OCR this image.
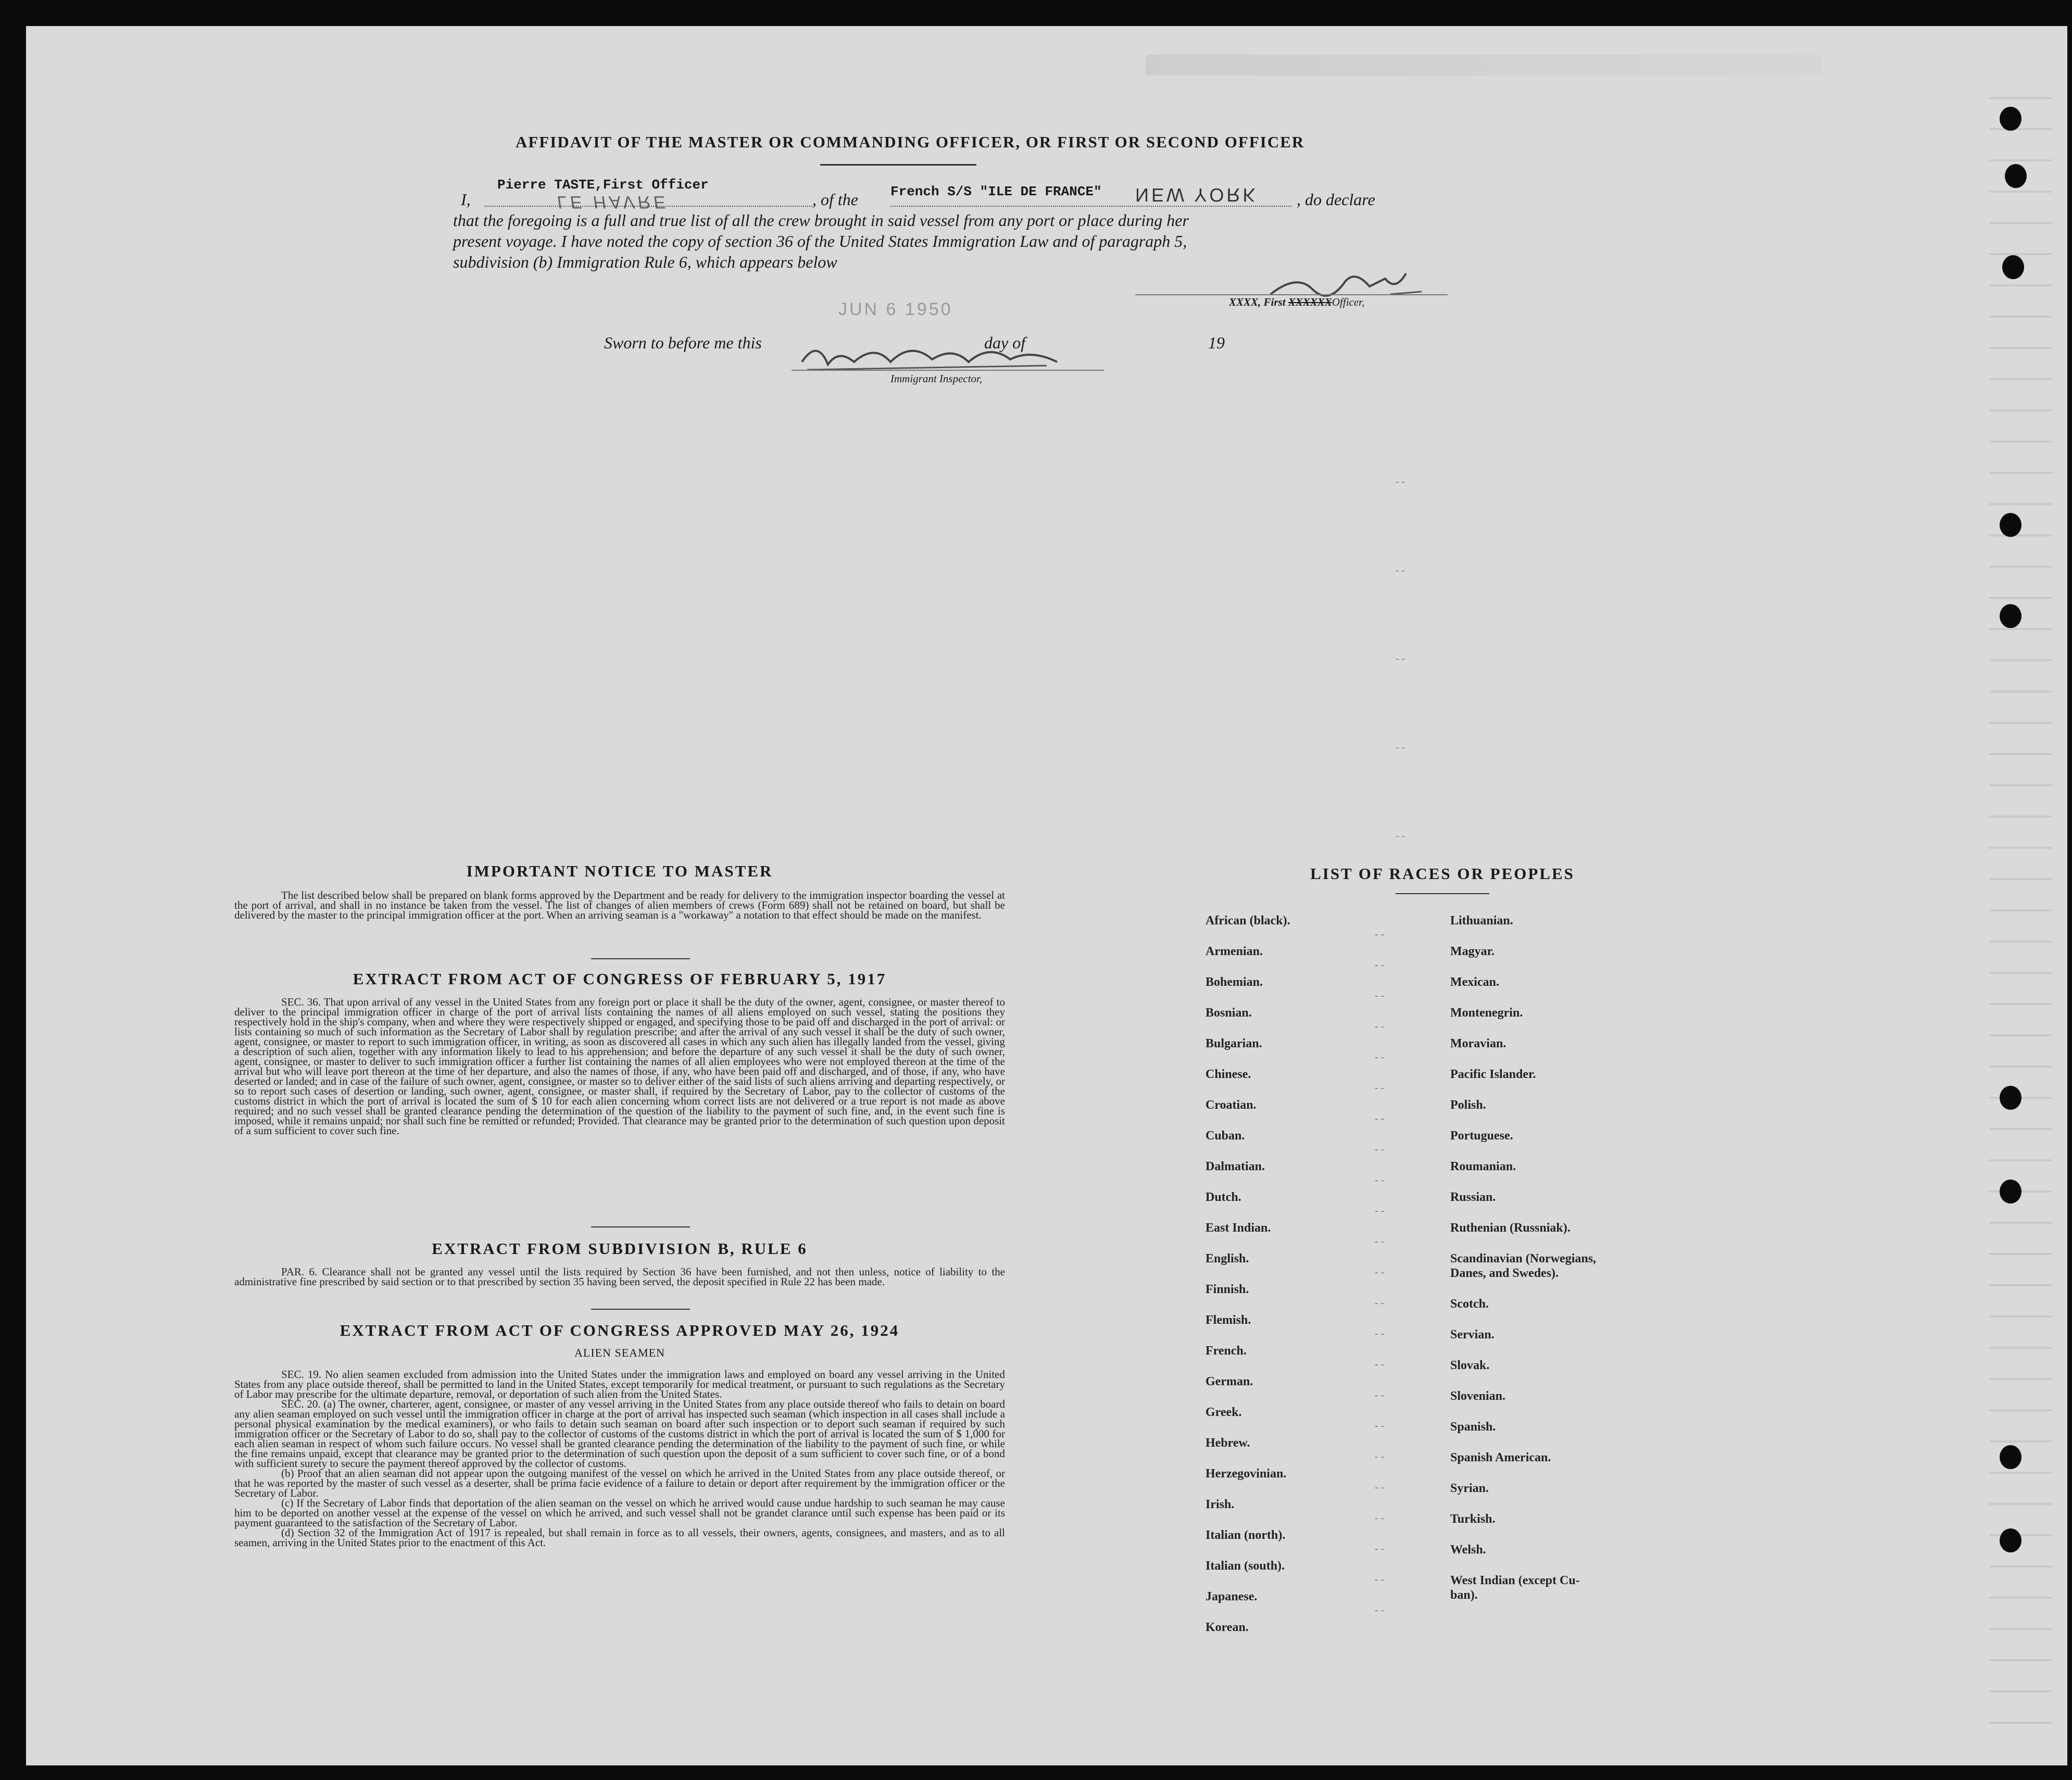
AFFIDAVIT OF THE MASTER OR COMMANDING OFFICER, OR FIRST OR SECOND OFFICER
Pierre TASTE,First Officer
I,	LE HAVRE	, of the French S/S "ILE DE FRANCE" NEW YORK , do declare
that the foregoing is a full and true list of all the crew brought in said vessel from any port or place during her
present voyage. I have noted the copy of section 36 of the United States Immigration Law and of paragraph 5,
subdivision (b) Immigration Rule 6, which appears below
XXXX, First XXXXXXOfficer,
JUN 6 1950
Sworn to before me this	day of	19
Immigrant Inspector,
- -
- -
- -
- -
- -
IMPORTANT NOTICE TO MASTER
The list described below shall be prepared on blank forms approved by the Department and be ready for delivery to the immigration inspector boarding the vessel at the port of arrival, and shall in no instance be taken from the vessel. The list of changes of alien members of crews (Form 689) shall not be retained on board, but shall be delivered by the master to the principal immigration officer at the port. When an arriving seaman is a "workaway" a notation to that effect should be made on the manifest.
EXTRACT FROM ACT OF CONGRESS OF FEBRUARY 5, 1917
SEC. 36. That upon arrival of any vessel in the United States from any foreign port or place it shall be the duty of the owner, agent, consignee, or master thereof to deliver to the principal immigration officer in charge of the port of arrival lists containing the names of all aliens employed on such vessel, stating the positions they respectively hold in the ship's company, when and where they were respectively shipped or engaged, and specifying those to be paid off and discharged in the port of arrival: or lists containing so much of such information as the Secretary of Labor shall by regulation prescribe; and after the arrival of any such vessel it shall be the duty of such owner, agent, consignee, or master to report to such immigration officer, in writing, as soon as discovered all cases in which any such alien has illegally landed from the vessel, giving a description of such alien, together with any information likely to lead to his apprehension; and before the departure of any such vessel it shall be the duty of such owner, agent, consignee, or master to deliver to such immigration officer a further list containing the names of all alien employees who were not employed thereon at the time of the arrival but who will leave port thereon at the time of her departure, and also the names of those, if any, who have been paid off and discharged, and of those, if any, who have deserted or landed; and in case of the failure of such owner, agent, consignee, or master so to deliver either of the said lists of such aliens arriving and departing respectively, or so to report such cases of desertion or landing, such owner, agent, consignee, or master shall, if required by the Secretary of Labor, pay to the collector of customs of the customs district in which the port of arrival is located the sum of $ 10 for each alien concerning whom correct lists are not delivered or a true report is not made as above required; and no such vessel shall be granted clearance pending the determination of the question of the liability to the payment of such fine, and, in the event such fine is imposed, while it remains unpaid; nor shall such fine be remitted or refunded; Provided. That clearance may be granted prior to the determination of such question upon deposit of a sum sufficient to cover such fine.
EXTRACT FROM SUBDIVISION B, RULE 6
PAR. 6. Clearance shall not be granted any vessel until the lists required by Section 36 have been furnished, and not then unless, notice of liability to the administrative fine prescribed by said section or to that prescribed by section 35 having been served, the deposit specified in Rule 22 has been made.
EXTRACT FROM ACT OF CONGRESS APPROVED MAY 26, 1924
ALIEN SEAMEN
SEC. 19. No alien seamen excluded from admission into the United States under the immigration laws and employed on board any vessel arriving in the United States from any place outside thereof, shall be permitted to land in the United States, except temporarily for medical treatment, or pursuant to such regulations as the Secretary of Labor may prescribe for the ultimate departure, removal, or deportation of such alien from the United States.
SEC. 20. (a) The owner, charterer, agent, consignee, or master of any vessel arriving in the United States from any place outside thereof who fails to detain on board any alien seaman employed on such vessel until the immigration officer in charge at the port of arrival has inspected such seaman (which inspection in all cases shall include a personal physical examination by the medical examiners), or who fails to detain such seaman on board after such inspection or to deport such seaman if required by such immigration officer or the Secretary of Labor to do so, shall pay to the collector of customs of the customs district in which the port of arrival is located the sum of $ 1,000 for each alien seaman in respect of whom such failure occurs. No vessel shall be granted clearance pending the determination of the liability to the payment of such fine, or while the fine remains unpaid, except that clearance may be granted prior to the determination of such question upon the deposit of a sum sufficient to cover such fine, or of a bond with sufficient surety to secure the payment thereof approved by the collector of customs.
(b) Proof that an alien seaman did not appear upon the outgoing manifest of the vessel on which he arrived in the United States from any place outside thereof, or that he was reported by the master of such vessel as a deserter, shall be prima facie evidence of a failure to detain or deport after requirement by the immigration officer or the Secretary of Labor.
(c) If the Secretary of Labor finds that deportation of the alien seaman on the vessel on which he arrived would cause undue hardship to such seaman he may cause him to be deported on another vessel at the expense of the vessel on which he arrived, and such vessel shall not be grandet clarance until such expense has been paid or its payment guaranteed to the satisfaction of the Secretary of Labor.
(d) Section 32 of the Immigration Act of 1917 is repealed, but shall remain in force as to all vessels, their owners, agents, consignees, and masters, and as to all seamen, arriving in the United States prior to the enactment of this Act.
LIST OF RACES OR PEOPLES
African (black).
Armenian.
Bohemian.
Bosnian.
Bulgarian.
Chinese.
Croatian.
Cuban.
Dalmatian.
Dutch.
East Indian.
English.
Finnish.
Flemish.
French.
German.
Greek.
Hebrew.
Herzegovinian.
Irish.
Italian (north).
Italian (south).
Japanese.
Korean.
Lithuanian.
Magyar.
Mexican.
Montenegrin.
Moravian.
Pacific Islander.
Polish.
Portuguese.
Roumanian.
Russian.
Ruthenian (Russniak).
Scandinavian (Norwegians,
Danes, and Swedes).
Scotch.
Servian.
Slovak.
Slovenian.
Spanish.
Spanish American.
Syrian.
Turkish.
Welsh.
West Indian (except Cu-
ban).
- -
- -
- -
- -
- -
- -
- -
- -
- -
- -
- -
- -
- -
- -
- -
- -
- -
- -
- -
- -
- -
- -
- -
